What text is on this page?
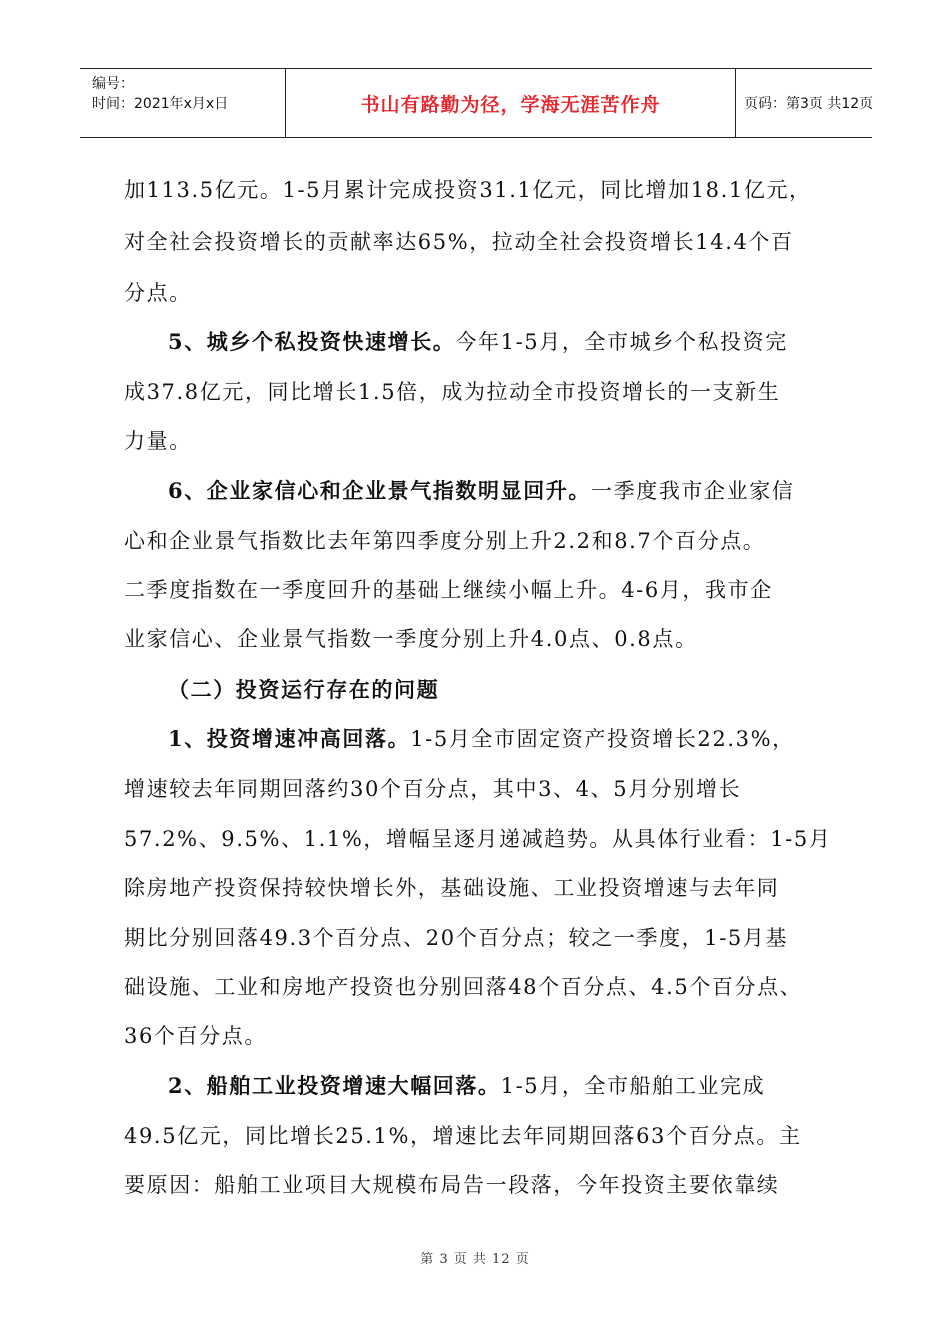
编号：
时间：2021年x月x日	书山有路勤为径，学海无涯苦作舟	页码：第3页 共12页
加113.5亿元。1-5月累计完成投资31.1亿元，同比增加18.1亿元，
对全社会投资增长的贡献率达65%，拉动全社会投资增长14.4个百
分点。
5、城乡个私投资快速增长。今年1-5月，全市城乡个私投资完
成37.8亿元，同比增长1.5倍，成为拉动全市投资增长的一支新生
力量。
6、企业家信心和企业景气指数明显回升。一季度我市企业家信
心和企业景气指数比去年第四季度分别上升2.2和8.7个百分点。
二季度指数在一季度回升的基础上继续小幅上升。4-6月，我市企
业家信心、企业景气指数一季度分别上升4.0点、0.8点。
（二）投资运行存在的问题
1、投资增速冲高回落。1-5月全市固定资产投资增长22.3%，
增速较去年同期回落约30个百分点，其中3、4、5月分别增长
57.2%、9.5%、1.1%，增幅呈逐月递减趋势。从具体行业看：1-5月
除房地产投资保持较快增长外，基础设施、工业投资增速与去年同
期比分别回落49.3个百分点、20个百分点；较之一季度，1-5月基
础设施、工业和房地产投资也分别回落48个百分点、4.5个百分点、
36个百分点。
2、船舶工业投资增速大幅回落。1-5月，全市船舶工业完成
49.5亿元，同比增长25.1%，增速比去年同期回落63个百分点。主
要原因：船舶工业项目大规模布局告一段落，今年投资主要依靠续
第 3 页 共 12 页
